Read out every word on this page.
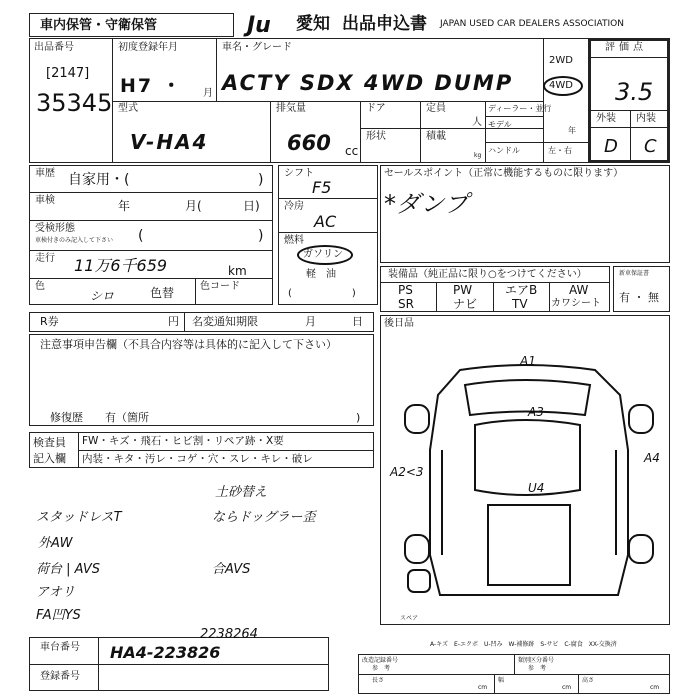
車内保管・守衛保管	Ju 愛知 出品申込書 JAPAN USED CAR DEALERS ASSOCIATION
出品番号
[2147]
35345
初度登録年月
H7 ・ 月
車名・グレード
ACTY SDX 4WD DUMP
2WD
4WD
評価点
3.5
外装 内装
D C
型式
V-HA4
排気量
660 cc
ドア
形状
定員
人
積載
kg
ディーラー・並行
モデル
年
ハンドル	左・右
車歴 自家用・(	)
車検	年	月(	日)
受検形態
車検付きのみ記入して下さい (	)
走行 11万6千659	km
色
シロ	色替	色コード
シフト
F5
冷房
AC
燃料
ガソリン
軽　油
(　　　　　　)
セールスポイント（正常に機能するものに限ります）
*ダンプ
装備品（純正品に限り○をつけてください）
PS	PW	エアB	AW
SR	ナビ	TV カワシート
新車保証書
有 ・ 無
R券	円 名変通知期限	月	日
注意事項申告欄（不具合内容等は具体的に記入して下さい）
修復歴　　有（箇所	)
後日品
検査員
記入欄
FW・キズ・飛石・ヒビ割・リペア跡・X要
内装・キタ・汚レ・コゲ・穴・スレ・キレ・破レ
土砂替え
スタッドレスT	ならドッグラー歪
外AW
荷台 | AVS	合AVS
アオリ
FA凹YS
A1
A3
A2<3
A4
U4
スペア
車台番号
2238264
HA4-223826
登録番号
A-キズ　E-エクボ　U-凹み　W-補修跡　S-サビ　C-腐食　XX-交換済
改造記録番号
参　考
類別区分番号
参　考
長さ
cm
幅
cm
高さ
cm
